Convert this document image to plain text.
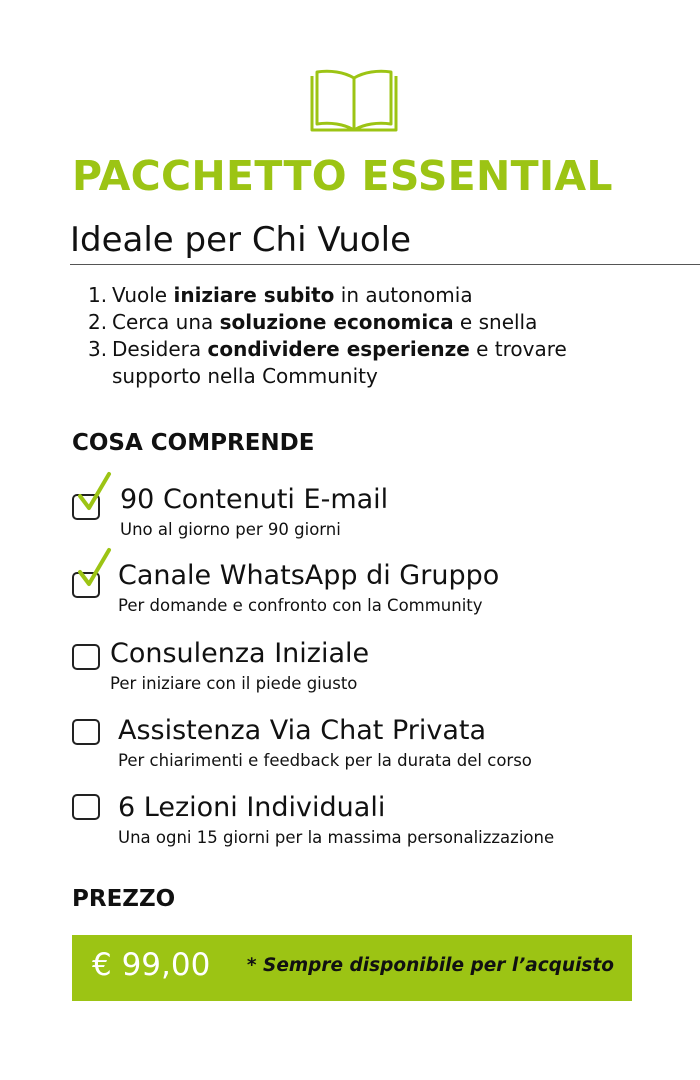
PACCHETTO ESSENTIAL
Ideale per Chi Vuole
1. Vuole iniziare subito in autonomia
2. Cerca una soluzione economica e snella
3. Desidera condividere esperienze e trovare supporto nella Community
COSA COMPRENDE
90 Contenuti E-mail
Uno al giorno per 90 giorni
Canale WhatsApp di Gruppo
Per domande e confronto con la Community
Consulenza Iniziale
Per iniziare con il piede giusto
Assistenza Via Chat Privata
Per chiarimenti e feedback per la durata del corso
6 Lezioni Individuali
Una ogni 15 giorni per la massima personalizzazione
PREZZO
€ 99,00 * Sempre disponibile per l’acquisto
